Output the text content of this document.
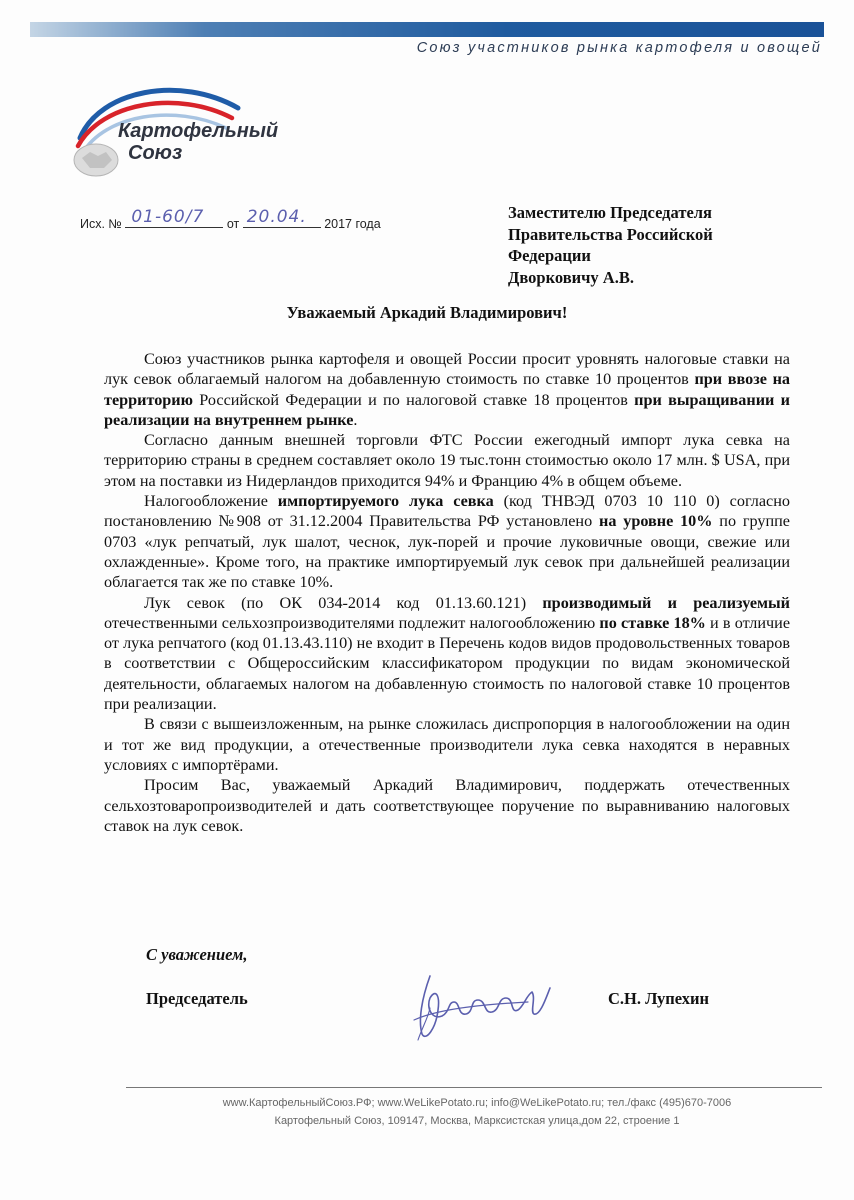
Союз участников рынка картофеля и овощей
Картофельный
Союз
Исх. № 01-60/7 от 20.04. 2017 года
Заместителю Председателя
Правительства Российской
Федерации
Дворковичу А.В.
Уважаемый Аркадий Владимирович!

Союз участников рынка картофеля и овощей России просит уровнять налоговые ставки на лук севок облагаемый налогом на добавленную стоимость по ставке 10 процентов при ввозе на территорию Российской Федерации и по налоговой ставке 18 процентов при выращивании и реализации на внутреннем рынке.

Согласно данным внешней торговли ФТС России ежегодный импорт лука севка на территорию страны в среднем составляет около 19 тыс.тонн стоимостью около 17 млн. $ USA, при этом на поставки из Нидерландов приходится 94% и Францию 4% в общем объеме.

Налогообложение импортируемого лука севка (код ТНВЭД 0703 10 110 0) согласно постановлению №908 от 31.12.2004 Правительства РФ установлено на уровне 10% по группе 0703 «лук репчатый, лук шалот, чеснок, лук-порей и прочие луковичные овощи, свежие или охлажденные». Кроме того, на практике импортируемый лук севок при дальнейшей реализации облагается так же по ставке 10%.

Лук севок (по ОК 034-2014 код 01.13.60.121) производимый и реализуемый отечественными сельхозпроизводителями подлежит налогообложению по ставке 18% и в отличие от лука репчатого (код 01.13.43.110) не входит в Перечень кодов видов продовольственных товаров в соответствии с Общероссийским классификатором продукции по видам экономической деятельности, облагаемых налогом на добавленную стоимость по налоговой ставке 10 процентов при реализации.

В связи с вышеизложенным, на рынке сложилась диспропорция в налогообложении на один и тот же вид продукции, а отечественные производители лука севка находятся в неравных условиях с импортёрами.

Просим Вас, уважаемый Аркадий Владимирович, поддержать отечественных сельхозтоваропроизводителей и дать соответствующее поручение по выравниванию налоговых ставок на лук севок.

С уважением,
Председатель	С.Н. Лупехин
www.КартофельныйСоюз.РФ; www.WeLikePotato.ru; info@WeLikePotato.ru; тел./факс (495)670-7006
Картофельный Союз, 109147, Москва, Марксистская улица,дом 22, строение 1
